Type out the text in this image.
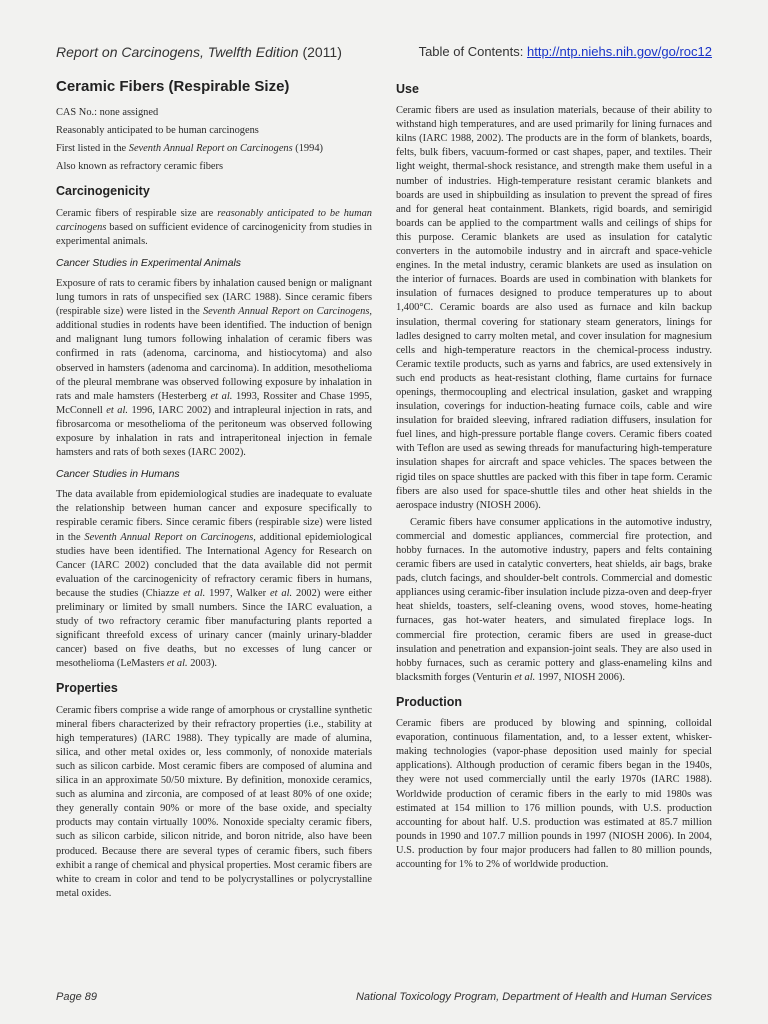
Report on Carcinogens, Twelfth Edition (2011)	Table of Contents: http://ntp.niehs.nih.gov/go/roc12
Ceramic Fibers (Respirable Size)

CAS No.: none assigned

Reasonably anticipated to be human carcinogens

First listed in the Seventh Annual Report on Carcinogens (1994)

Also known as refractory ceramic fibers

Carcinogenicity

Ceramic fibers of respirable size are reasonably anticipated to be human carcinogens based on sufficient evidence of carcinogenicity from studies in experimental animals.

Cancer Studies in Experimental Animals

Exposure of rats to ceramic fibers by inhalation caused benign or malignant lung tumors in rats of unspecified sex (IARC 1988). Since ceramic fibers (respirable size) were listed in the Seventh Annual Report on Carcinogens, additional studies in rodents have been identified. The induction of benign and malignant lung tumors following inhalation of ceramic fibers was confirmed in rats (adenoma, carcinoma, and histiocytoma) and also observed in hamsters (adenoma and carcinoma). In addition, mesothelioma of the pleural membrane was observed following exposure by inhalation in rats and male hamsters (Hesterberg et al. 1993, Rossiter and Chase 1995, McConnell et al. 1996, IARC 2002) and intrapleural injection in rats, and fibrosarcoma or mesothelioma of the peritoneum was observed following exposure by inhalation in rats and intraperitoneal injection in female hamsters and rats of both sexes (IARC 2002).

Cancer Studies in Humans

The data available from epidemiological studies are inadequate to evaluate the relationship between human cancer and exposure specifically to respirable ceramic fibers. Since ceramic fibers (respirable size) were listed in the Seventh Annual Report on Carcinogens, additional epidemiological studies have been identified. The International Agency for Research on Cancer (IARC 2002) concluded that the data available did not permit evaluation of the carcinogenicity of refractory ceramic fibers in humans, because the studies (Chiazze et al. 1997, Walker et al. 2002) were either preliminary or limited by small numbers. Since the IARC evaluation, a study of two refractory ceramic fiber manufacturing plants reported a significant threefold excess of urinary cancer (mainly urinary-bladder cancer) based on five deaths, but no excesses of lung cancer or mesothelioma (LeMasters et al. 2003).

Properties

Ceramic fibers comprise a wide range of amorphous or crystalline synthetic mineral fibers characterized by their refractory properties (i.e., stability at high temperatures) (IARC 1988). They typically are made of alumina, silica, and other metal oxides or, less commonly, of nonoxide materials such as silicon carbide. Most ceramic fibers are composed of alumina and silica in an approximate 50/50 mixture. By definition, monoxide ceramics, such as alumina and zirconia, are composed of at least 80% of one oxide; they generally contain 90% or more of the base oxide, and specialty products may contain virtually 100%. Nonoxide specialty ceramic fibers, such as silicon carbide, silicon nitride, and boron nitride, also have been produced. Because there are several types of ceramic fibers, such fibers exhibit a range of chemical and physical properties. Most ceramic fibers are white to cream in color and tend to be polycrystallines or polycrystalline metal oxides.

Use

Ceramic fibers are used as insulation materials, because of their ability to withstand high temperatures, and are used primarily for lining furnaces and kilns (IARC 1988, 2002). The products are in the form of blankets, boards, felts, bulk fibers, vacuum-formed or cast shapes, paper, and textiles. Their light weight, thermal-shock resistance, and strength make them useful in a number of industries. High-temperature resistant ceramic blankets and boards are used in shipbuilding as insulation to prevent the spread of fires and for general heat containment. Blankets, rigid boards, and semirigid boards can be applied to the compartment walls and ceilings of ships for this purpose. Ceramic blankets are used as insulation for catalytic converters in the automobile industry and in aircraft and space-vehicle engines. In the metal industry, ceramic blankets are used as insulation on the interior of furnaces. Boards are used in combination with blankets for insulation of furnaces designed to produce temperatures up to about 1,400°C. Ceramic boards are also used as furnace and kiln backup insulation, thermal covering for stationary steam generators, linings for ladles designed to carry molten metal, and cover insulation for magnesium cells and high-temperature reactors in the chemical-process industry. Ceramic textile products, such as yarns and fabrics, are used extensively in such end products as heat-resistant clothing, flame curtains for furnace openings, thermocoupling and electrical insulation, gasket and wrapping insulation, coverings for induction-heating furnace coils, cable and wire insulation for braided sleeving, infrared radiation diffusers, insulation for fuel lines, and high-pressure portable flange covers. Ceramic fibers coated with Teflon are used as sewing threads for manufacturing high-temperature insulation shapes for aircraft and space vehicles. The spaces between the rigid tiles on space shuttles are packed with this fiber in tape form. Ceramic fibers are also used for space-shuttle tiles and other heat shields in the aerospace industry (NIOSH 2006).

Ceramic fibers have consumer applications in the automotive industry, commercial and domestic appliances, commercial fire protection, and hobby furnaces. In the automotive industry, papers and felts containing ceramic fibers are used in catalytic converters, heat shields, air bags, brake pads, clutch facings, and shoulder-belt controls. Commercial and domestic appliances using ceramic-fiber insulation include pizza-oven and deep-fryer heat shields, toasters, self-cleaning ovens, wood stoves, home-heating furnaces, gas hot-water heaters, and simulated fireplace logs. In commercial fire protection, ceramic fibers are used in grease-duct insulation and penetration and expansion-joint seals. They are also used in hobby furnaces, such as ceramic pottery and glass-enameling kilns and blacksmith forges (Venturin et al. 1997, NIOSH 2006).

Production

Ceramic fibers are produced by blowing and spinning, colloidal evaporation, continuous filamentation, and, to a lesser extent, whisker-making technologies (vapor-phase deposition used mainly for special applications). Although production of ceramic fibers began in the 1940s, they were not used commercially until the early 1970s (IARC 1988). Worldwide production of ceramic fibers in the early to mid 1980s was estimated at 154 million to 176 million pounds, with U.S. production accounting for about half. U.S. production was estimated at 85.7 million pounds in 1990 and 107.7 million pounds in 1997 (NIOSH 2006). In 2004, U.S. production by four major producers had fallen to 80 million pounds, accounting for 1% to 2% of worldwide production.

Page 89	National Toxicology Program, Department of Health and Human Services
